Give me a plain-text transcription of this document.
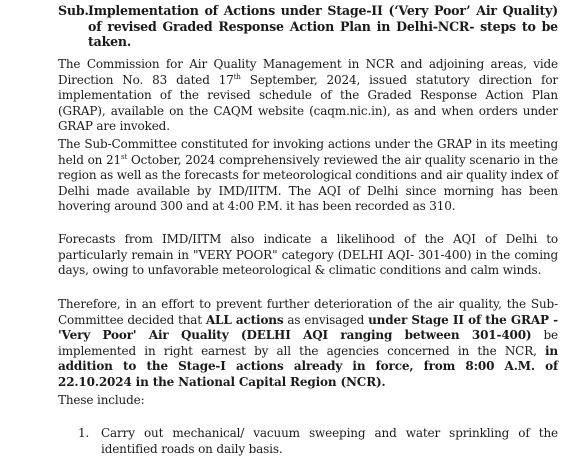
Sub.:
Implementation of Actions under Stage-II (‘Very Poor’ Air Quality) of revised Graded Response Action Plan in Delhi-NCR- steps to be taken.

The Commission for Air Quality Management in NCR and adjoining areas, vide Direction No. 83 dated 17th September, 2024, issued statutory direction for implementation of the revised schedule of the Graded Response Action Plan (GRAP), available on the CAQM website (caqm.nic.in), as and when orders under GRAP are invoked.

The Sub-Committee constituted for invoking actions under the GRAP in its meeting held on 21st October, 2024 comprehensively reviewed the air quality scenario in the region as well as the forecasts for meteorological conditions and air quality index of Delhi made available by IMD/IITM. The AQI of Delhi since morning has been hovering around 300 and at 4:00 P.M. it has been recorded as 310.

Forecasts from IMD/IITM also indicate a likelihood of the AQI of Delhi to particularly remain in "VERY POOR" category (DELHI AQI- 301-400) in the coming days, owing to unfavorable meteorological & climatic conditions and calm winds.

Therefore, in an effort to prevent further deterioration of the air quality, the Sub-Committee decided that ALL actions as envisaged under Stage II of the GRAP -'Very Poor' Air Quality (DELHI AQI ranging between 301-400) be implemented in right earnest by all the agencies concerned in the NCR, in addition to the Stage-I actions already in force, from 8:00 A.M. of 22.10.2024 in the National Capital Region (NCR).

These include:

1. Carry out mechanical/ vacuum sweeping and water sprinkling of the identified roads on daily basis.
